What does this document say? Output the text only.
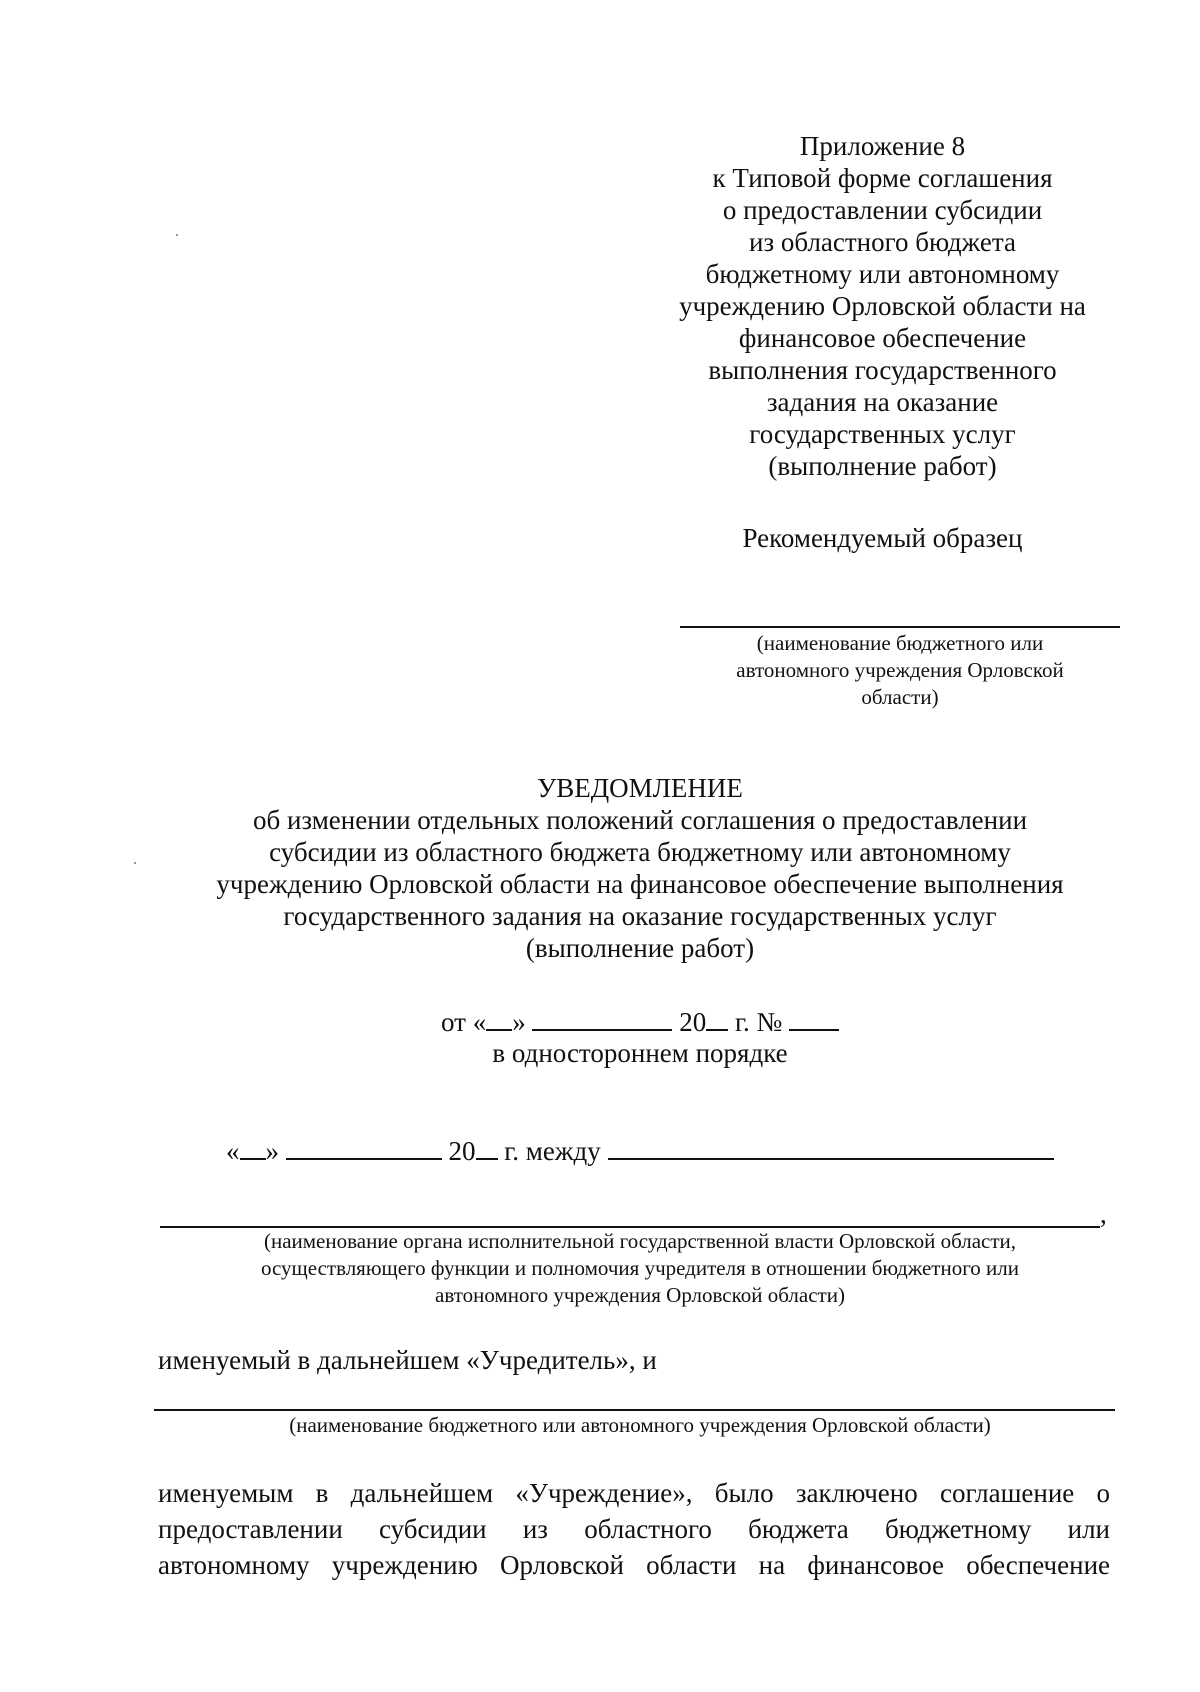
Приложение 8
к Типовой форме соглашения
о предоставлении субсидии
из областного бюджета
бюджетному или автономному
учреждению Орловской области на
финансовое обеспечение
выполнения государственного
задания на оказание
государственных услуг
(выполнение работ)
Рекомендуемый образец
(наименование бюджетного или
автономного учреждения Орловской
области)
УВЕДОМЛЕНИЕ
об изменении отдельных положений соглашения о предоставлении
субсидии из областного бюджета бюджетному или автономному
учреждению Орловской области на финансовое обеспечение выполнения
государственного задания на оказание государственных услуг
(выполнение работ)
от « »	20 г. №
в одностороннем порядке
« »	20 г. между
,
(наименование органа исполнительной государственной власти Орловской области,
осуществляющего функции и полномочия учредителя в отношении бюджетного или
автономного учреждения Орловской области)
именуемый в дальнейшем «Учредитель», и
(наименование бюджетного или автономного учреждения Орловской области)
именуемым в дальнейшем «Учреждение», было заключено соглашение о
предоставлении субсидии из областного бюджета бюджетному или
автономному учреждению Орловской области на финансовое обеспечение
